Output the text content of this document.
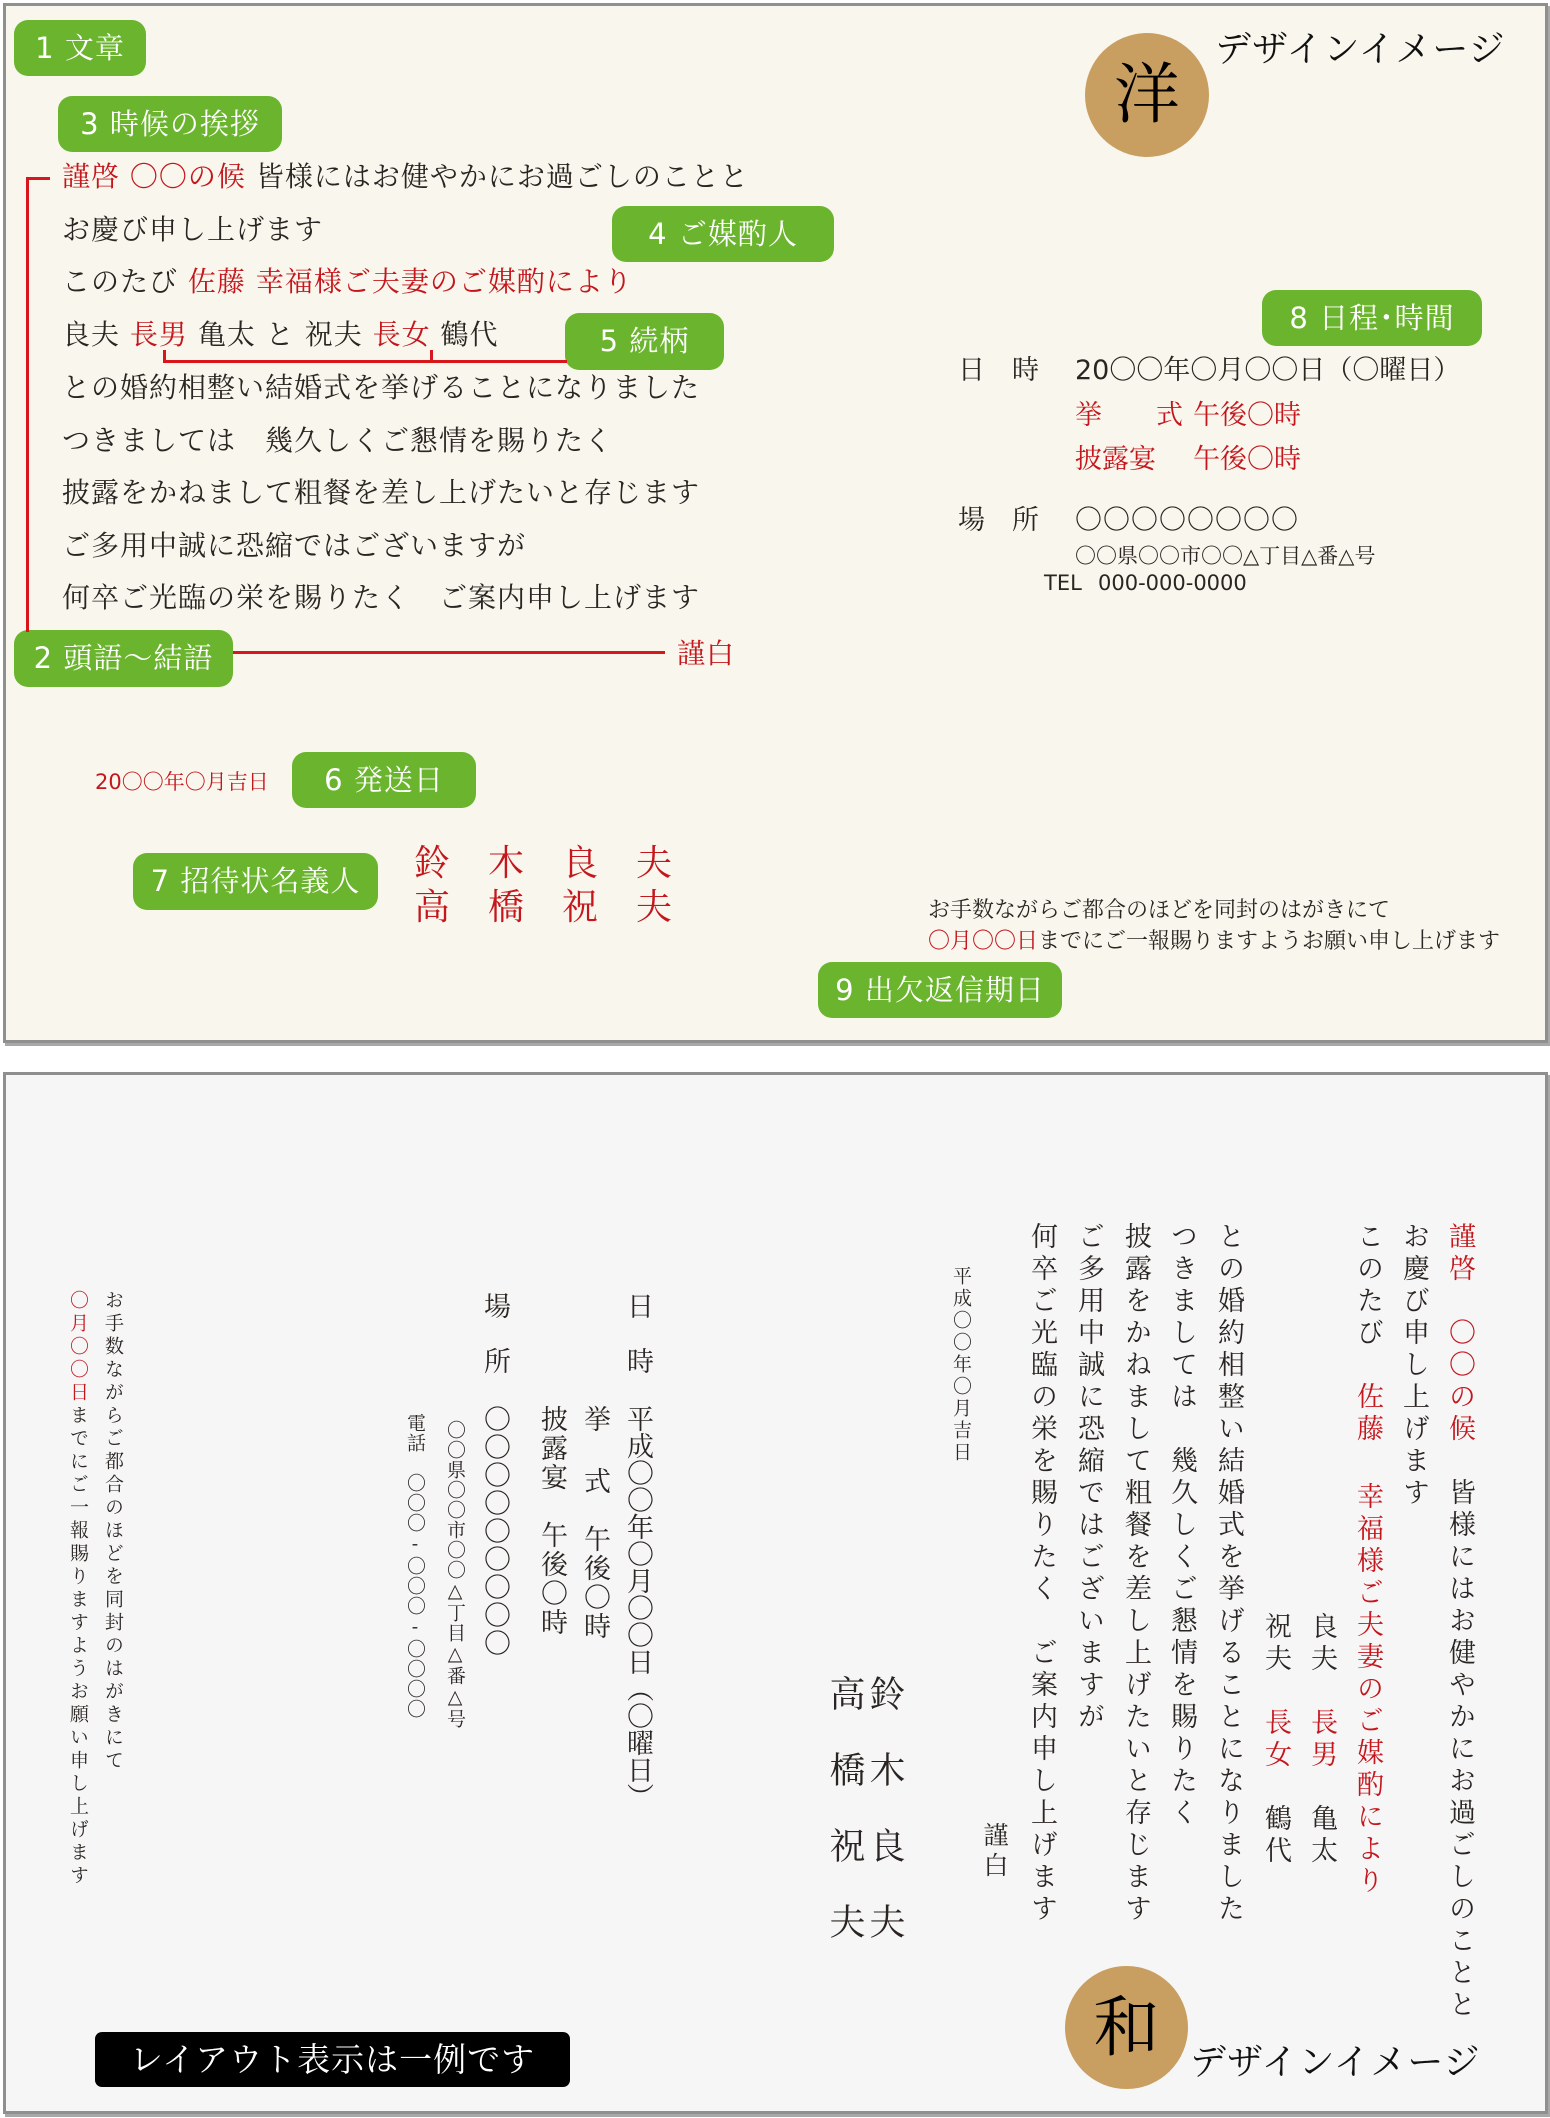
洋
デザインイメージ
1 文章
3 時候の挨拶
4 ご媒酌人
5 続柄
8 日程･時間
2 頭語～結語
6 発送日
7 招待状名義人
9 出欠返信期日
謹啓 〇〇の候 皆様にはお健やかにお過ごしのことと
お慶び申し上げます
このたび 佐藤 幸福様ご夫妻のご媒酌により
良夫 長男 亀太 と 祝夫 長女 鶴代
との婚約相整い結婚式を挙げることになりました
つきましては　幾久しくご懇情を賜りたく
披露をかねまして粗餐を差し上げたいと存じます
ご多用中誠に恐縮ではございますが
何卒ご光臨の栄を賜りたく　ご案内申し上げます
謹白
20〇〇年〇月吉日
鈴木良夫
高橋祝夫
日　時 20〇〇年〇月〇〇日（〇曜日）
挙　　式 午後〇時
披露宴 午後〇時
場　所 〇〇〇〇〇〇〇〇
〇〇県〇〇市〇〇△丁目△番△号
TEL 000-000-0000
お手数ながらご都合のほどを同封のはがきにて
〇月〇〇日までにご一報賜りますようお願い申し上げます
謹啓　〇〇の候　皆様にはお健やかにお過ごしのことと
お慶び申し上げます
このたび　佐藤 幸福様ご夫妻のご媒酌により
良夫　長男　亀太
祝夫　長女　鶴代
との婚約相整い結婚式を挙げることになりました
つきましては　幾久しくご懇情を賜りたく
披露をかねまして粗餐を差し上げたいと存じます
ご多用中誠に恐縮ではございますが
何卒ご光臨の栄を賜りたく　ご案内申し上げます
謹白
平成〇〇年〇月吉日
鈴木良夫
高橋祝夫
日時
平成〇〇年〇月〇〇日（〇曜日）
挙 式　午後〇時
披露宴　午後〇時
場所
〇〇〇〇〇〇〇〇〇
〇〇県〇〇市〇〇△丁目△番△号
電話　〇〇〇-〇〇〇-〇〇〇〇
お手数ながらご都合のほどを同封のはがきにて
〇月〇〇日までにご一報賜りますようお願い申し上げます
レイアウト表示は一例です	和 デザインイメージ
